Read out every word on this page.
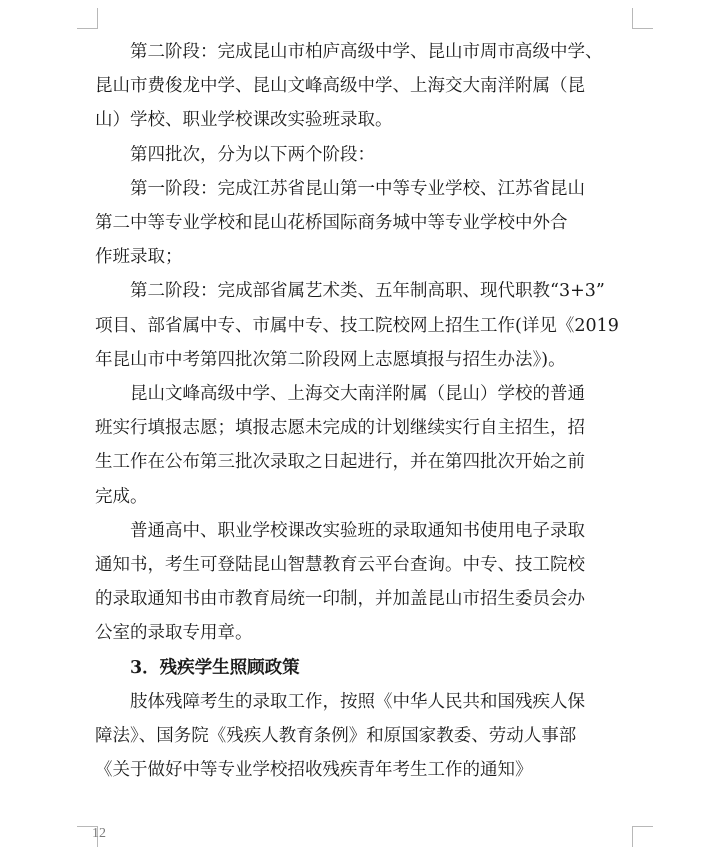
第二阶段：完成昆山市柏庐高级中学、昆山市周市高级中学、

昆山市费俊龙中学、昆山文峰高级中学、上海交大南洋附属（昆

山）学校、职业学校课改实验班录取。

第四批次，分为以下两个阶段：

第一阶段：完成江苏省昆山第一中等专业学校、江苏省昆山

第二中等专业学校和昆山花桥国际商务城中等专业学校中外合

作班录取；

第二阶段：完成部省属艺术类、五年制高职、现代职教“3+3”

项目、部省属中专、市属中专、技工院校网上招生工作(详见《2019

年昆山市中考第四批次第二阶段网上志愿填报与招生办法》)。

昆山文峰高级中学、上海交大南洋附属（昆山）学校的普通

班实行填报志愿；填报志愿未完成的计划继续实行自主招生，招

生工作在公布第三批次录取之日起进行，并在第四批次开始之前

完成。

普通高中、职业学校课改实验班的录取通知书使用电子录取

通知书，考生可登陆昆山智慧教育云平台查询。中专、技工院校

的录取通知书由市教育局统一印制，并加盖昆山市招生委员会办

公室的录取专用章。

3．残疾学生照顾政策

肢体残障考生的录取工作，按照《中华人民共和国残疾人保

障法》、国务院《残疾人教育条例》和原国家教委、劳动人事部

《关于做好中等专业学校招收残疾青年考生工作的通知》

12
